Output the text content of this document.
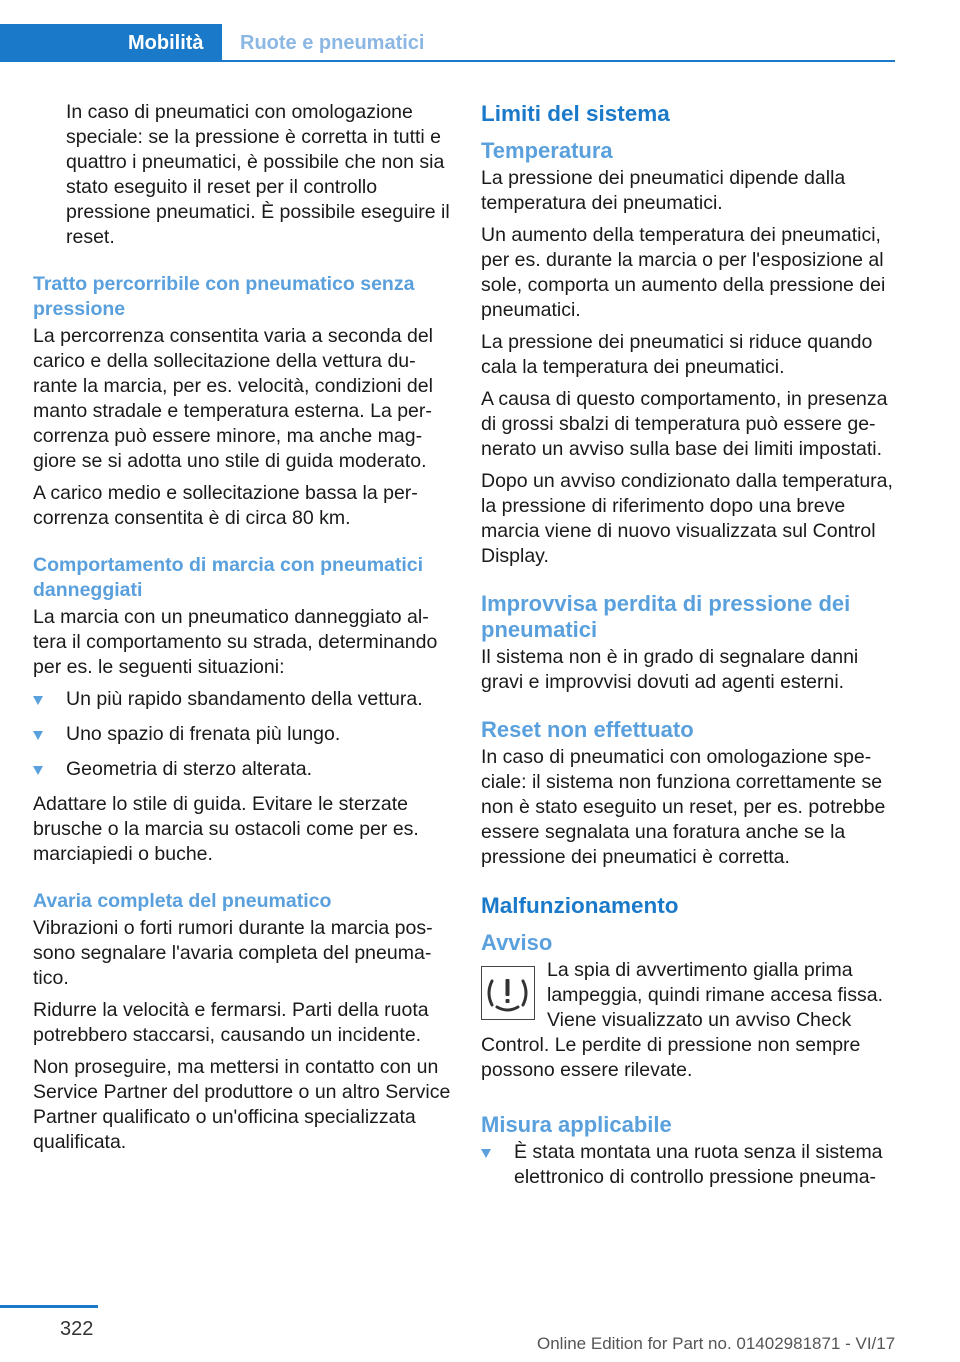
Mobilità	Ruote e pneumatici

In caso di pneumatici con omologazione speciale: se la pressione è corretta in tutti e quattro i pneumatici, è possibile che non sia stato eseguito il reset per il controllo pressione pneumatici. È possibile eseguire il reset.

Tratto percorribile con pneumatico senza pressione

La percorrenza consentita varia a seconda del carico e della sollecitazione della vettura durante la marcia, per es. velocità, condizioni del manto stradale e temperatura esterna. La percorrenza può essere minore, ma anche maggiore se si adotta uno stile di guida moderato.

A carico medio e sollecitazione bassa la percorrenza consentita è di circa 80 km.

Comportamento di marcia con pneumatici danneggiati

La marcia con un pneumatico danneggiato altera il comportamento su strada, determinando per es. le seguenti situazioni:

Un più rapido sbandamento della vettura.
Uno spazio di frenata più lungo.
Geometria di sterzo alterata.

Adattare lo stile di guida. Evitare le sterzate brusche o la marcia su ostacoli come per es. marciapiedi o buche.

Avaria completa del pneumatico

Vibrazioni o forti rumori durante la marcia possono segnalare l'avaria completa del pneumatico.

Ridurre la velocità e fermarsi. Parti della ruota potrebbero staccarsi, causando un incidente.

Non proseguire, ma mettersi in contatto con un Service Partner del produttore o un altro Service Partner qualificato o un'officina specializzata qualificata.

Limiti del sistema
Temperatura

La pressione dei pneumatici dipende dalla temperatura dei pneumatici.

Un aumento della temperatura dei pneumatici, per es. durante la marcia o per l'esposizione al sole, comporta un aumento della pressione dei pneumatici.

La pressione dei pneumatici si riduce quando cala la temperatura dei pneumatici.

A causa di questo comportamento, in presenza di grossi sbalzi di temperatura può essere generato un avviso sulla base dei limiti impostati.

Dopo un avviso condizionato dalla temperatura, la pressione di riferimento dopo una breve marcia viene di nuovo visualizzata sul Control Display.

Improvvisa perdita di pressione dei pneumatici

Il sistema non è in grado di segnalare danni gravi e improvvisi dovuti ad agenti esterni.

Reset non effettuato

In caso di pneumatici con omologazione speciale: il sistema non funziona correttamente se non è stato eseguito un reset, per es. potrebbe essere segnalata una foratura anche se la pressione dei pneumatici è corretta.

Malfunzionamento
Avviso

La spia di avvertimento gialla prima lampeggia, quindi rimane accesa fissa. Viene visualizzato un avviso Check Control. Le perdite di pressione non sempre possono essere rilevate.

Misura applicabile
È stata montata una ruota senza il sistema elettronico di controllo pressione pneuma-
322
Online Edition for Part no. 01402981871 - VI/17
